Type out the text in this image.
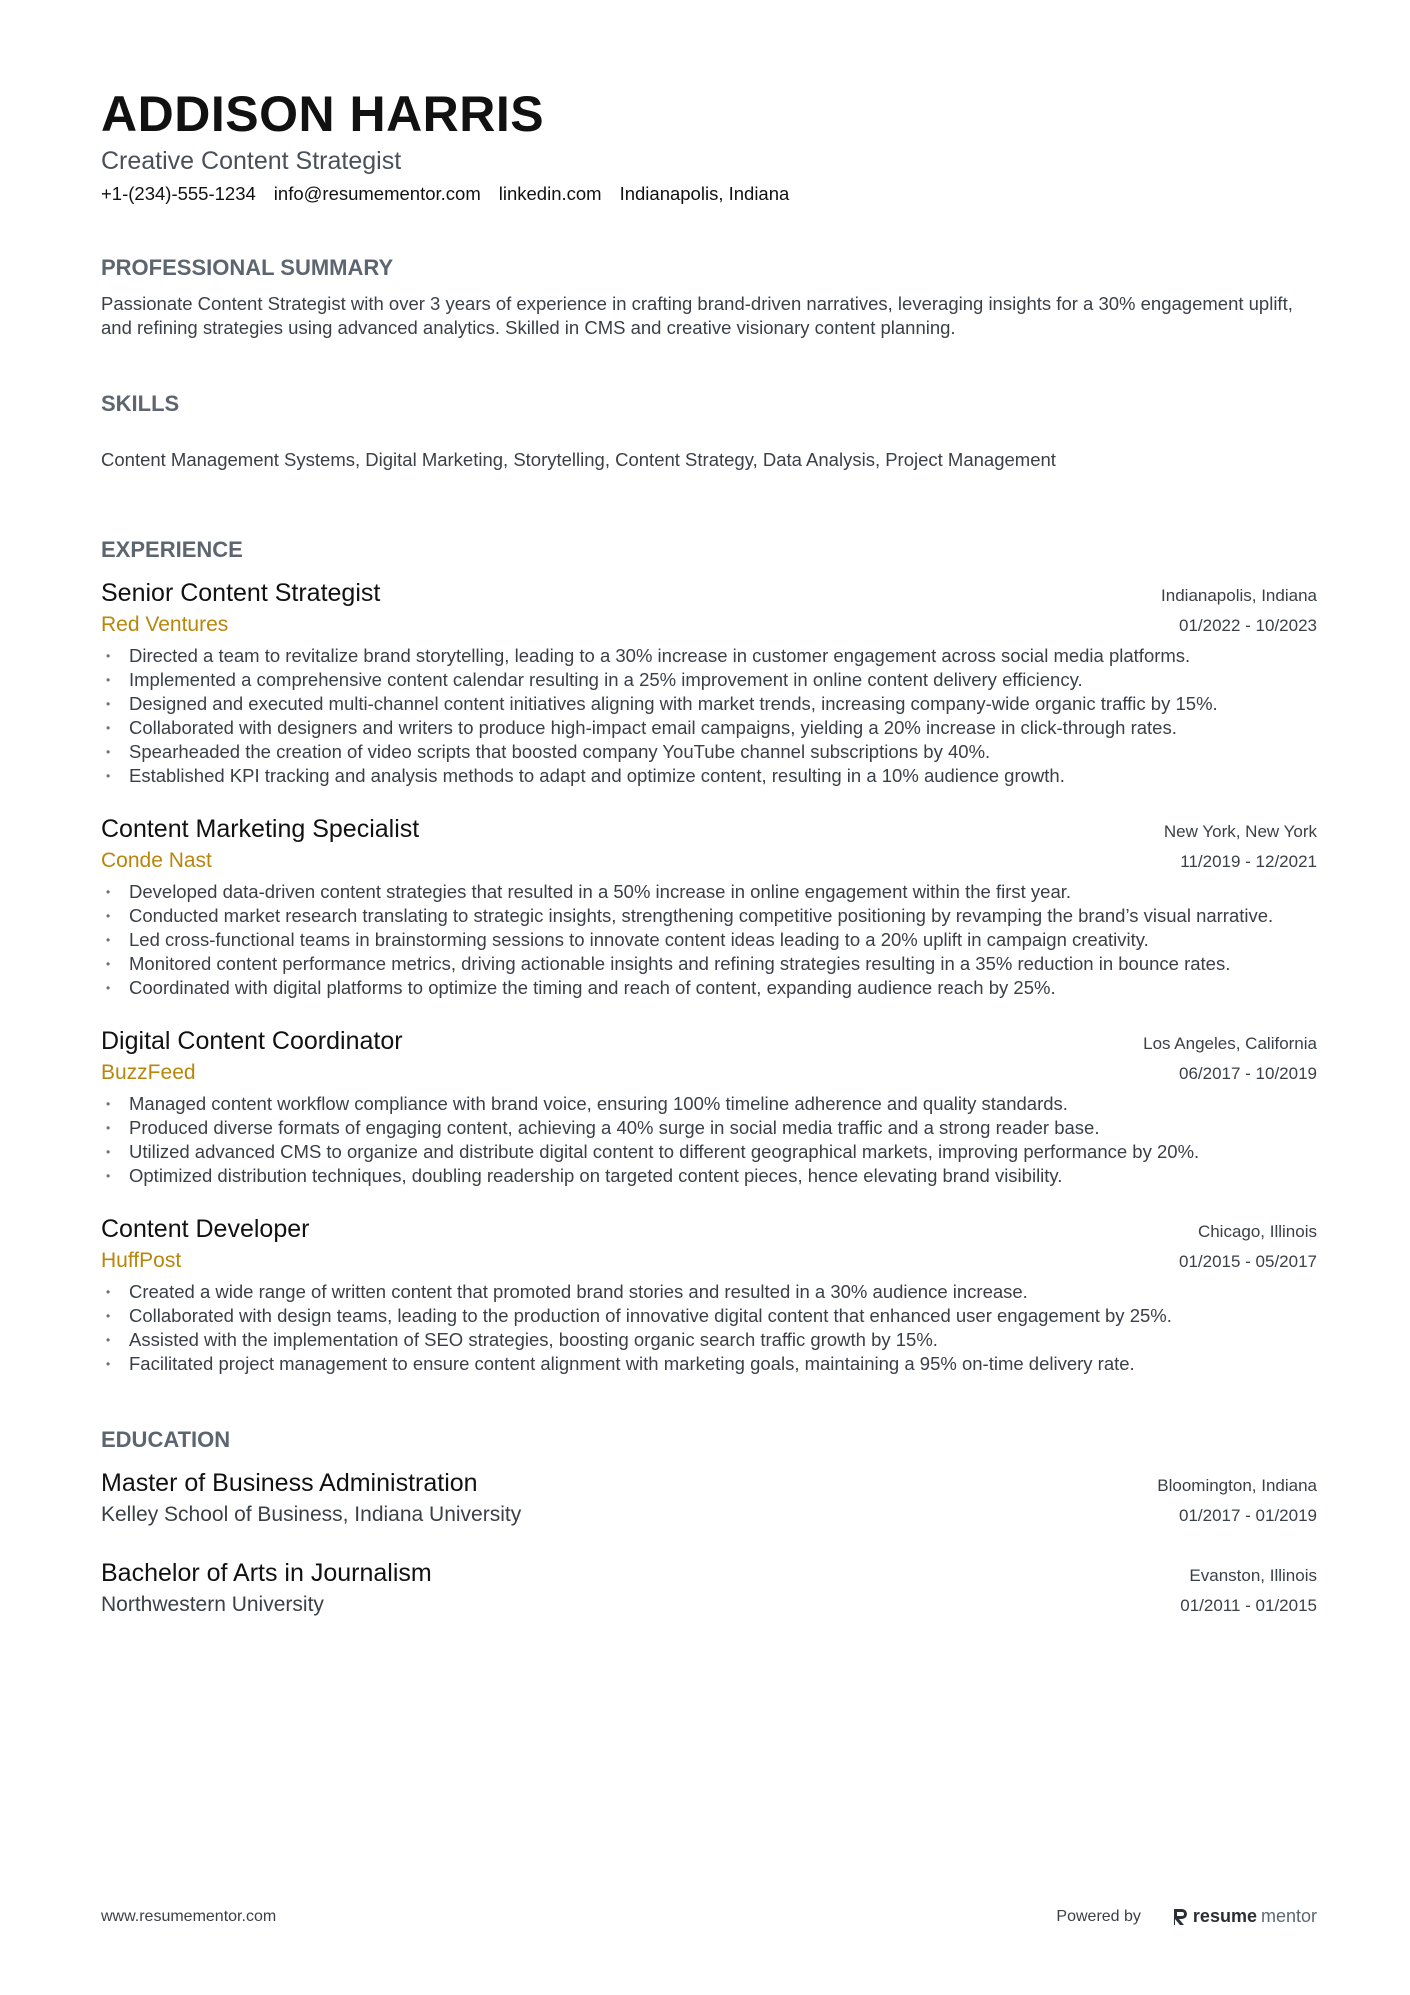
ADDISON HARRIS
Creative Content Strategist
+1-(234)-555-1234 info@resumementor.com linkedin.com Indianapolis, Indiana
PROFESSIONAL SUMMARY
Passionate Content Strategist with over 3 years of experience in crafting brand-driven narratives, leveraging insights for a 30% engagement uplift, and refining strategies using advanced analytics. Skilled in CMS and creative visionary content planning.
SKILLS
Content Management Systems, Digital Marketing, Storytelling, Content Strategy, Data Analysis, Project Management
EXPERIENCE
Senior Content Strategist	Indianapolis, Indiana
Red Ventures	01/2022 - 10/2023
• Directed a team to revitalize brand storytelling, leading to a 30% increase in customer engagement across social media platforms.
• Implemented a comprehensive content calendar resulting in a 25% improvement in online content delivery efficiency.
• Designed and executed multi-channel content initiatives aligning with market trends, increasing company-wide organic traffic by 15%.
• Collaborated with designers and writers to produce high-impact email campaigns, yielding a 20% increase in click-through rates.
• Spearheaded the creation of video scripts that boosted company YouTube channel subscriptions by 40%.
• Established KPI tracking and analysis methods to adapt and optimize content, resulting in a 10% audience growth.
Content Marketing Specialist	New York, New York
Conde Nast	11/2019 - 12/2021
• Developed data-driven content strategies that resulted in a 50% increase in online engagement within the first year.
• Conducted market research translating to strategic insights, strengthening competitive positioning by revamping the brand’s visual narrative.
• Led cross-functional teams in brainstorming sessions to innovate content ideas leading to a 20% uplift in campaign creativity.
• Monitored content performance metrics, driving actionable insights and refining strategies resulting in a 35% reduction in bounce rates.
• Coordinated with digital platforms to optimize the timing and reach of content, expanding audience reach by 25%.
Digital Content Coordinator	Los Angeles, California
BuzzFeed	06/2017 - 10/2019
• Managed content workflow compliance with brand voice, ensuring 100% timeline adherence and quality standards.
• Produced diverse formats of engaging content, achieving a 40% surge in social media traffic and a strong reader base.
• Utilized advanced CMS to organize and distribute digital content to different geographical markets, improving performance by 20%.
• Optimized distribution techniques, doubling readership on targeted content pieces, hence elevating brand visibility.
Content Developer	Chicago, Illinois
HuffPost	01/2015 - 05/2017
• Created a wide range of written content that promoted brand stories and resulted in a 30% audience increase.
• Collaborated with design teams, leading to the production of innovative digital content that enhanced user engagement by 25%.
• Assisted with the implementation of SEO strategies, boosting organic search traffic growth by 15%.
• Facilitated project management to ensure content alignment with marketing goals, maintaining a 95% on-time delivery rate.
EDUCATION
Master of Business Administration	Bloomington, Indiana
Kelley School of Business, Indiana University	01/2017 - 01/2019
Bachelor of Arts in Journalism	Evanston, Illinois
Northwestern University	01/2011 - 01/2015
www.resumementor.com	Powered by	resume mentor
